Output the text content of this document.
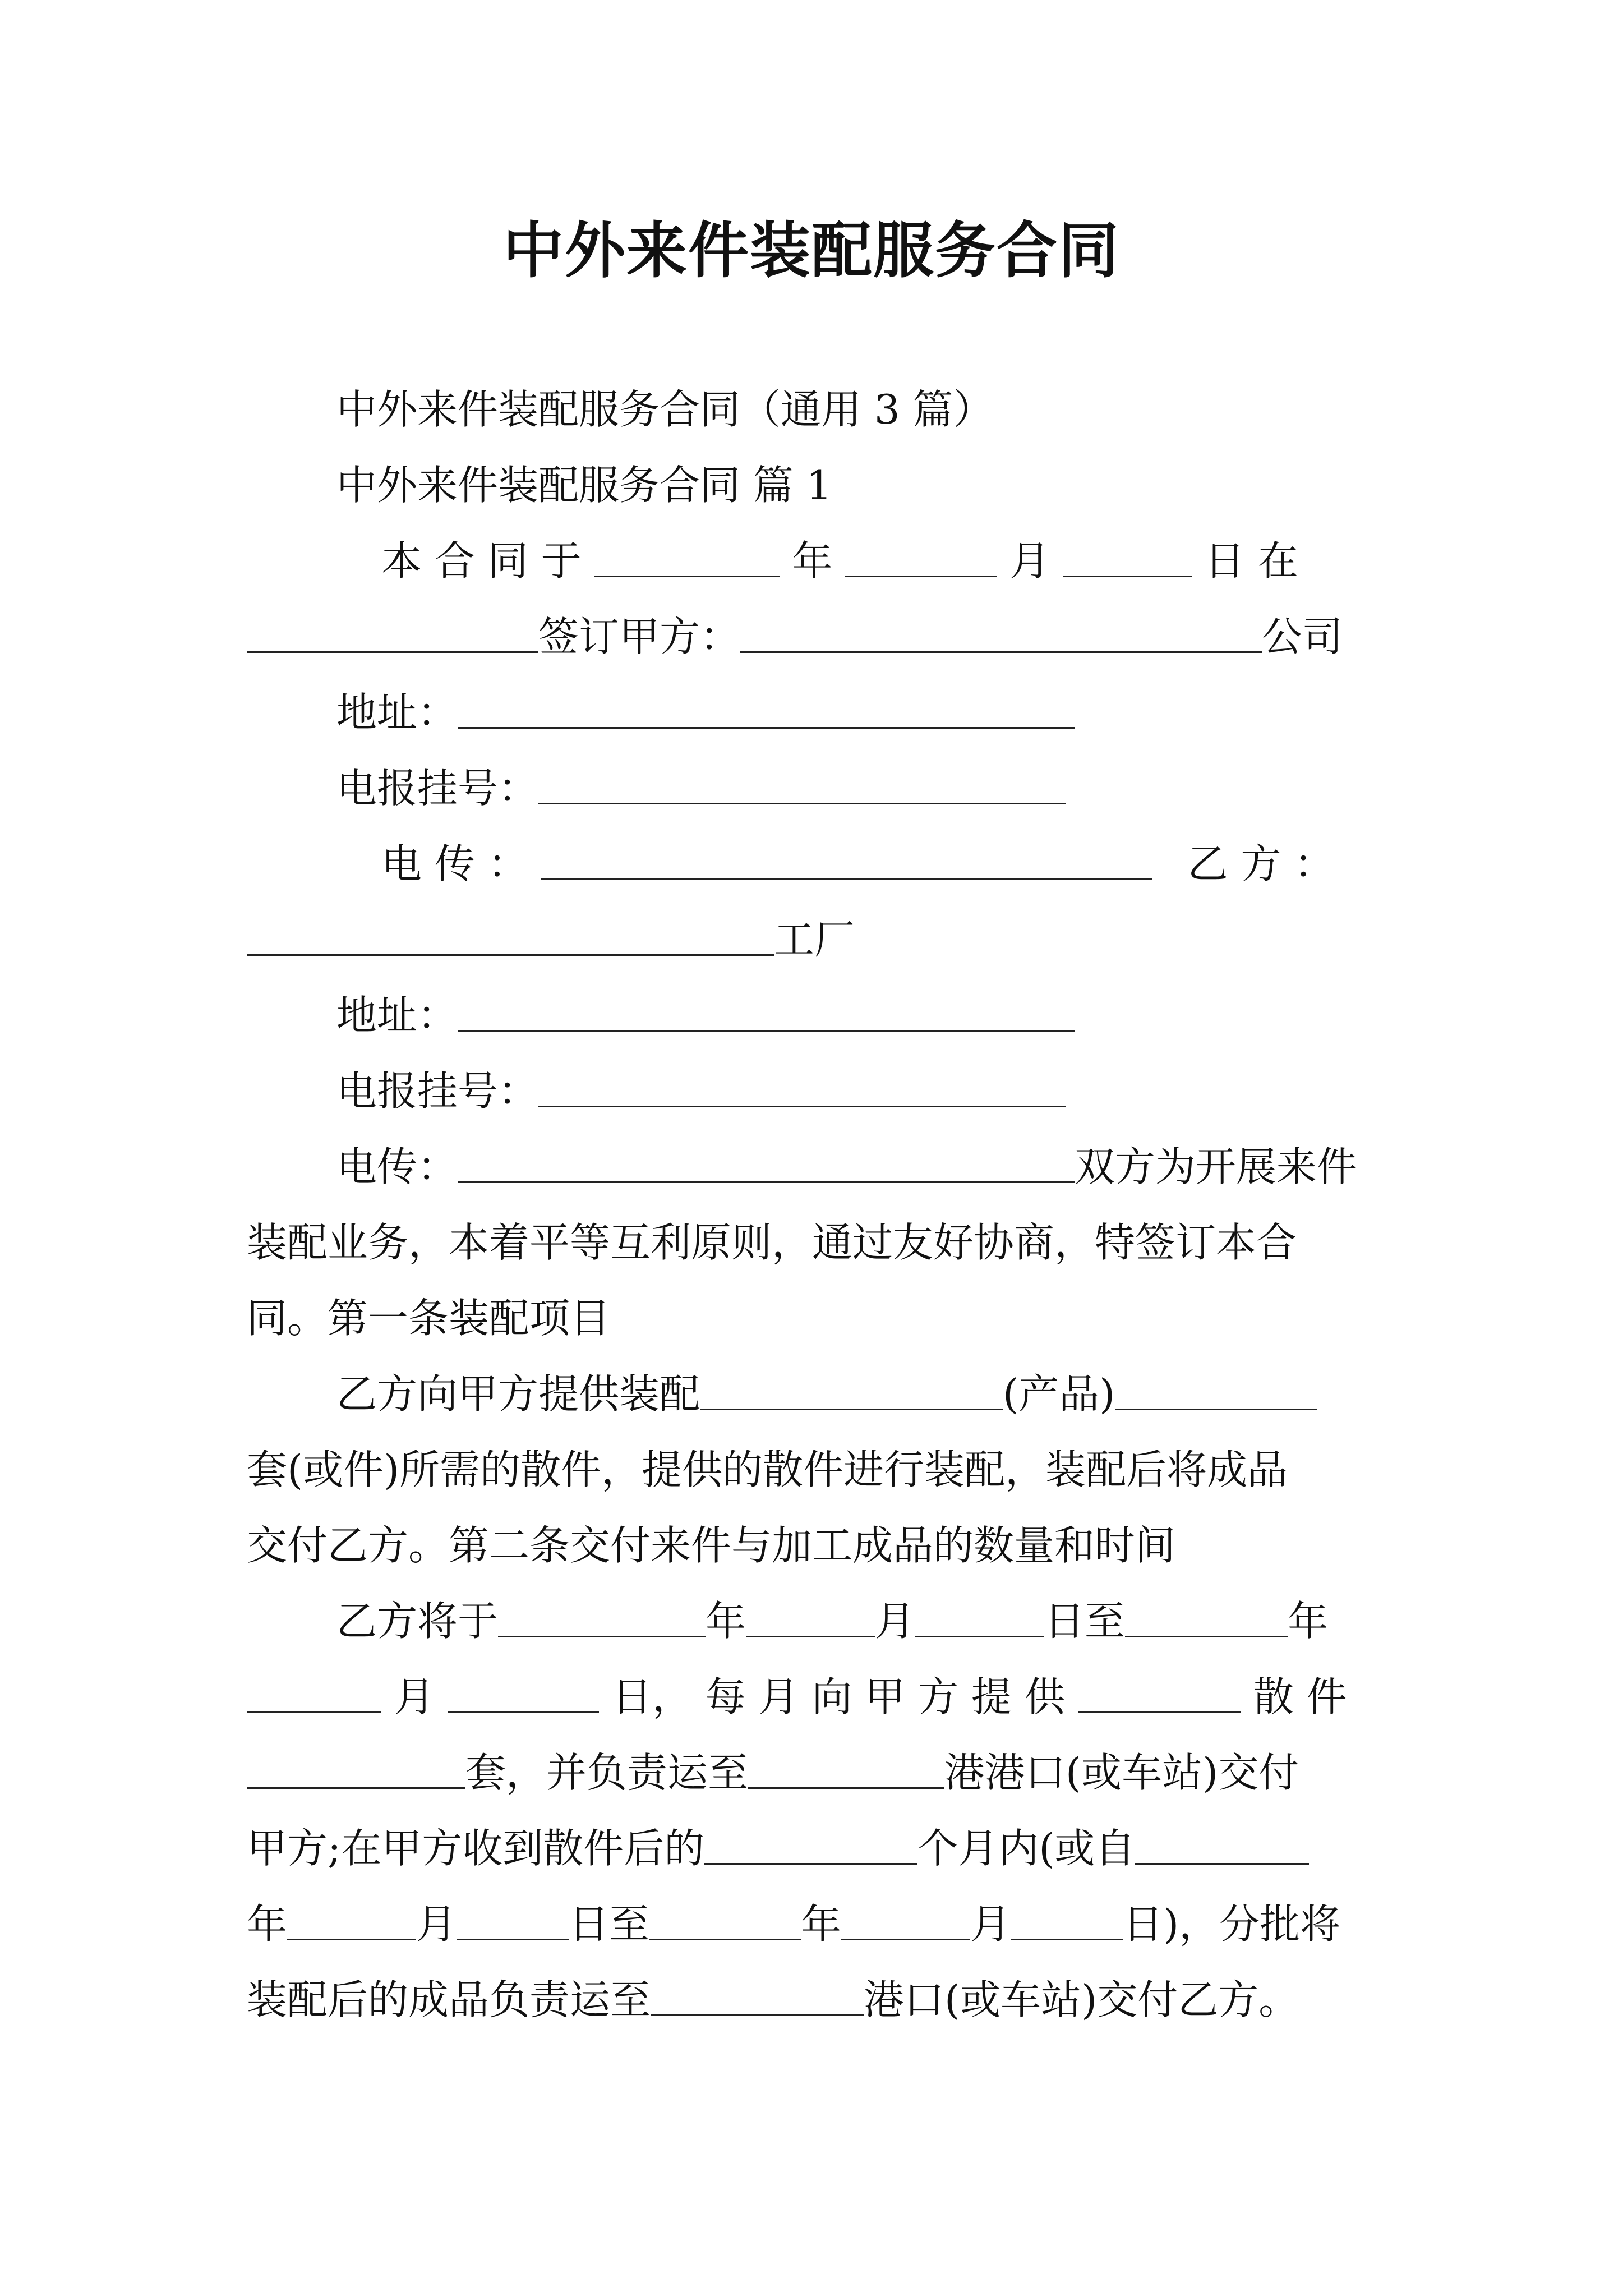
中外来件装配服务合同
中外来件装配服务合同（通用 3 篇）
中外来件装配服务合同 篇 1
本 合 同 于	年	月	日 在
签订甲方：	公司
地址：
电报挂号：
电 传 ：	乙 方 ：
工厂
地址：
电报挂号：
电传：	双方为开展来件
装配业务，本着平等互利原则，通过友好协商，特签订本合
同。第一条装配项目
乙方向甲方提供装配	(产品)
套(或件)所需的散件，提供的散件进行装配，装配后将成品
交付乙方。第二条交付来件与加工成品的数量和时间
乙方将于	年	月	日至	年
月	日， 每 月 向 甲 方 提 供	散 件
套，并负责运至	港港口(或车站)交付
甲方;在甲方收到散件后的	个月内(或自
年	月	日至	年	月	日)，分批将
装配后的成品负责运至	港口(或车站)交付乙方。
